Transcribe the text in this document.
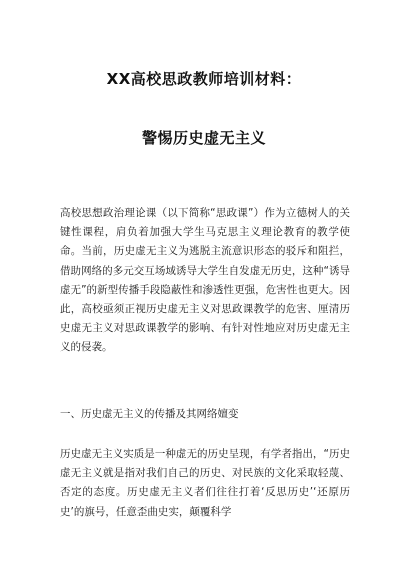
XX高校思政教师培训材料：
警惕历史虚无主义
高校思想政治理论课（以下简称“思政课”）作为立德树人的关键性课程，肩负着加强大学生马克思主义理论教育的教学使命。当前，历史虚无主义为逃脱主流意识形态的驳斥和阻拦，借助网络的多元交互场域诱导大学生自发虚无历史，这种“诱导虚无”的新型传播手段隐蔽性和渗透性更强，危害性也更大。因此，高校亟须正视历史虚无主义对思政课教学的危害、厘清历史虚无主义对思政课教学的影响、有针对性地应对历史虚无主义的侵袭。
一、历史虚无主义的传播及其网络嬗变
历史虚无主义实质是一种虚无的历史呈现，有学者指出，“历史虚无主义就是指对我们自己的历史、对民族的文化采取轻蔑、否定的态度。历史虚无主义者们往往打着‘反思历史’‘还原历史’的旗号，任意歪曲史实，颠覆科学
